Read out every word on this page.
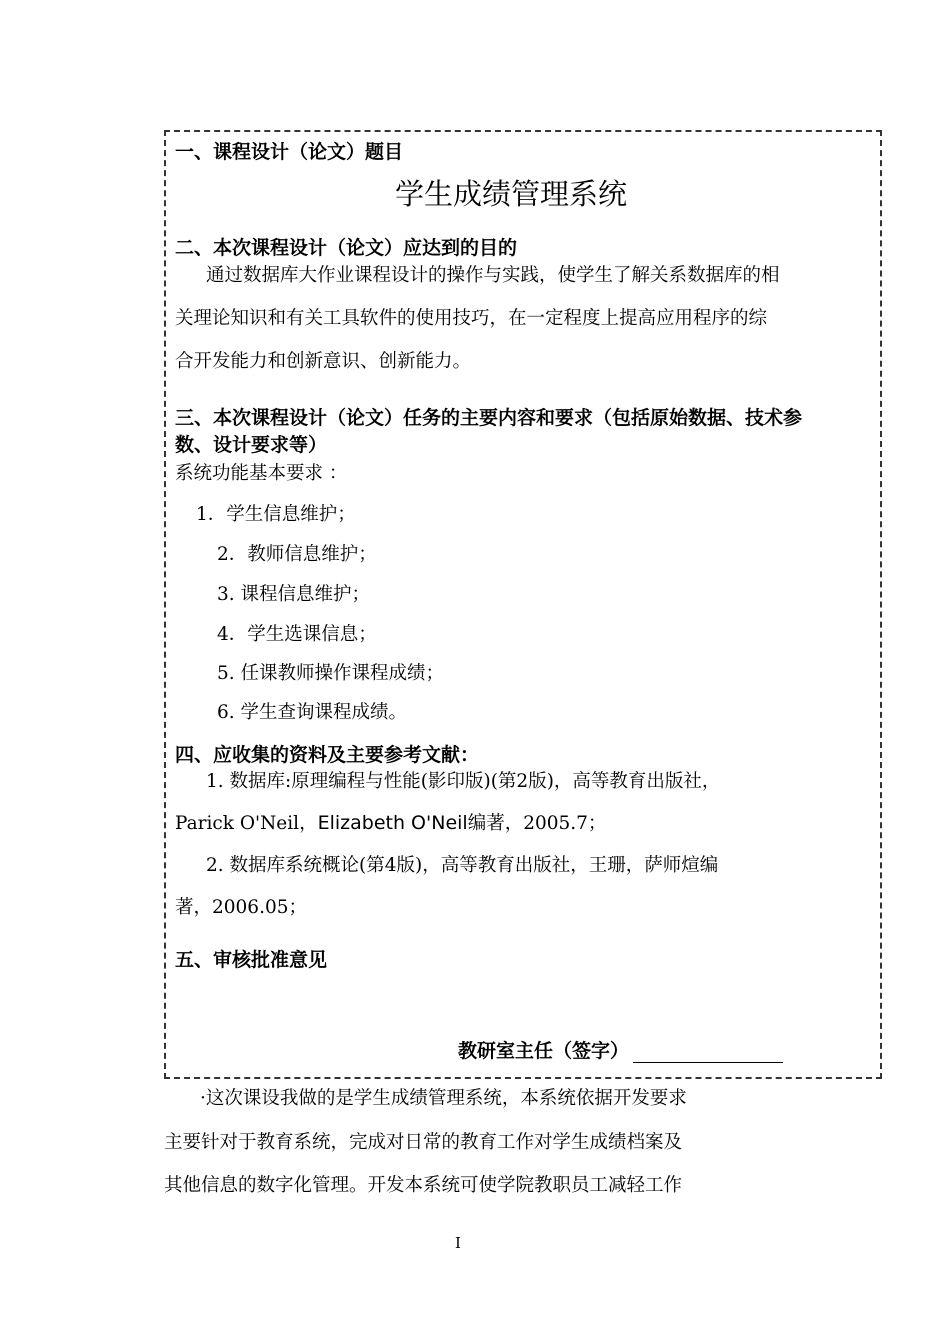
一、课程设计（论文）题目
学生成绩管理系统
二、本次课程设计（论文）应达到的目的
通过数据库大作业课程设计的操作与实践，使学生了解关系数据库的相
关理论知识和有关工具软件的使用技巧，在一定程度上提高应用程序的综
合开发能力和创新意识、创新能力。
三、本次课程设计（论文）任务的主要内容和要求（包括原始数据、技术参
数、设计要求等）
系统功能基本要求 ：
1．学生信息维护；
2．教师信息维护；
3. 课程信息维护；
4．学生选课信息；
5. 任课教师操作课程成绩；
6. 学生查询课程成绩。
四、应收集的资料及主要参考文献：
1. 数据库:原理编程与性能(影印版)(第2版)，高等教育出版社，
Parick O'Neil，Elizabeth O'Neil编著，2005.7；
2. 数据库系统概论(第4版)，高等教育出版社，王珊，萨师煊编
著，2006.05；
五、审核批准意见
教研室主任（签字）
·这次课设我做的是学生成绩管理系统，本系统依据开发要求
主要针对于教育系统，完成对日常的教育工作对学生成绩档案及
其他信息的数字化管理。开发本系统可使学院教职员工减轻工作
I
